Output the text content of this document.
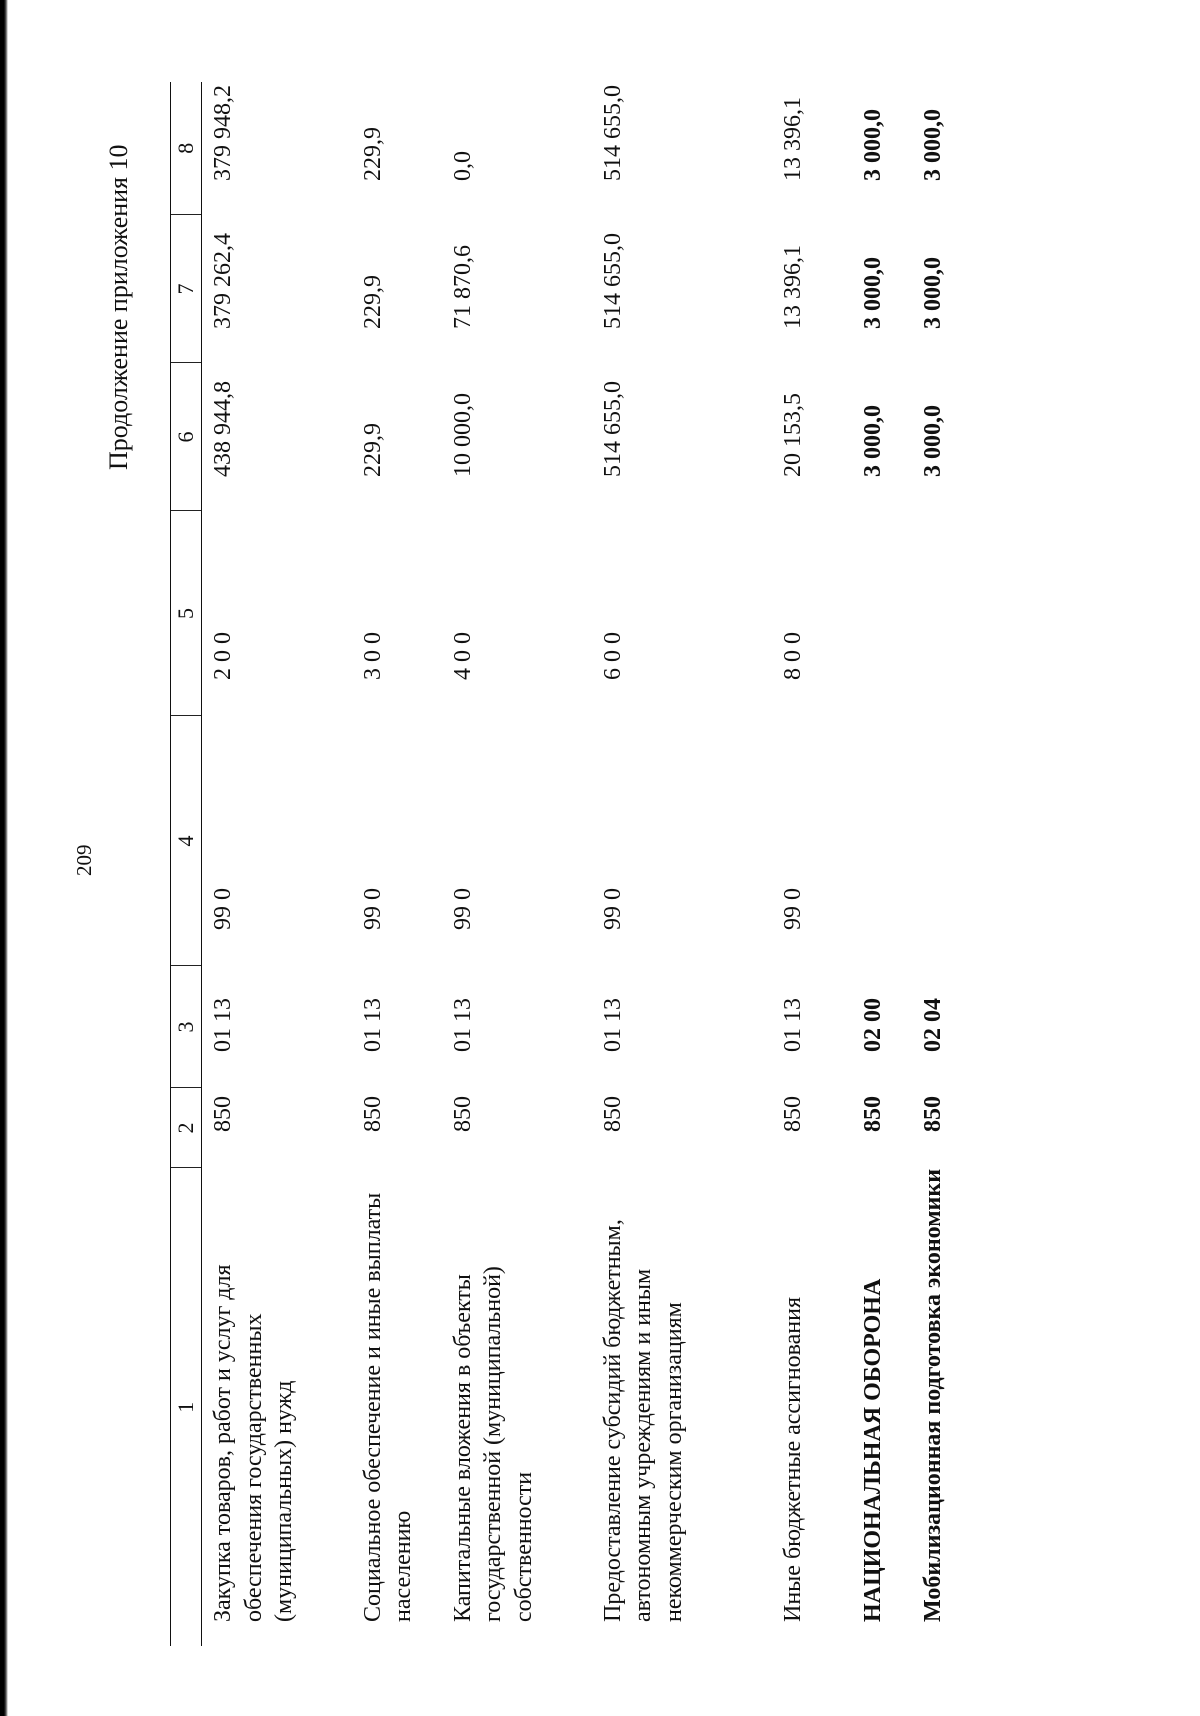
209
Продолжение приложения 10
1	2	3	4	5	6	7	8
Закупка товаров, работ и услуг для обеспечения государственных (муниципальных) нужд	850	01 13	99 0	2 0 0	438 944,8	379 262,4	379 948,2
Социальное обеспечение и иные выплаты населению	850	01 13	99 0	3 0 0	229,9	229,9	229,9
Капитальные вложения в объекты государственной (муниципальной) собственности	850	01 13	99 0	4 0 0	10 000,0	71 870,6	0,0
Предоставление субсидий бюджетным, автономным учреждениям и иным некоммерческим организациям	850	01 13	99 0	6 0 0	514 655,0	514 655,0	514 655,0
Иные бюджетные ассигнования	850	01 13	99 0	8 0 0	20 153,5	13 396,1	13 396,1
НАЦИОНАЛЬНАЯ ОБОРОНА	850	02 00			3 000,0	3 000,0	3 000,0
Мобилизационная подготовка экономики	850	02 04			3 000,0	3 000,0	3 000,0
